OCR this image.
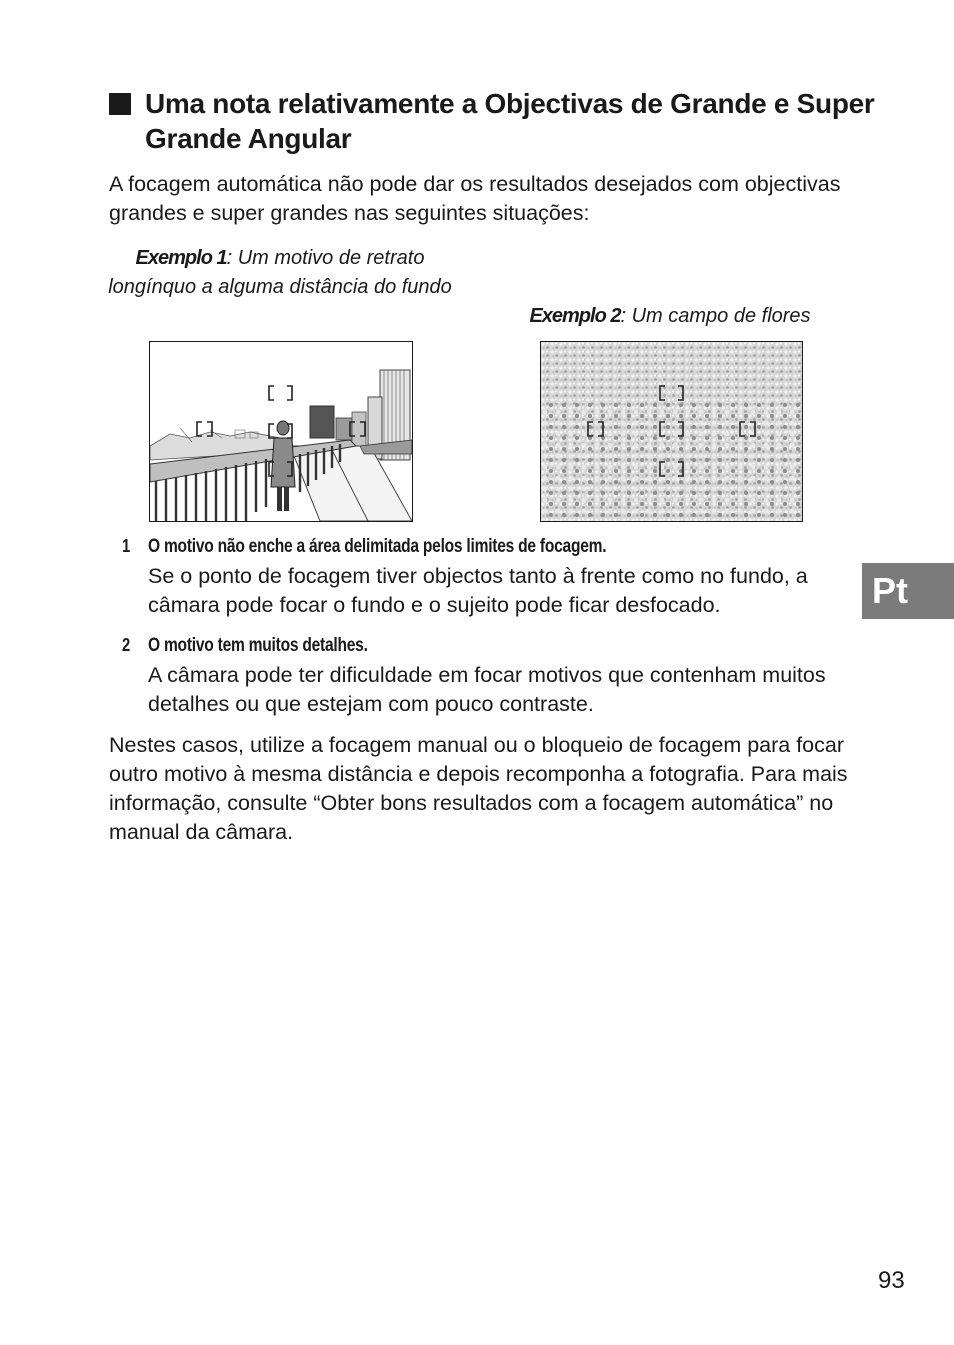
Uma nota relativamente a Objectivas de Grande e Super Grande Angular

A focagem automática não pode dar os resultados desejados com objectivas grandes e super grandes nas seguintes situações:

Exemplo 1: Um motivo de retrato longínquo a alguma distância do fundo

Exemplo 2: Um campo de flores

1 O motivo não enche a área delimitada pelos limites de focagem.

Se o ponto de focagem tiver objectos tanto à frente como no fundo, a câmara pode focar o fundo e o sujeito pode ficar desfocado.

2 O motivo tem muitos detalhes.

A câmara pode ter dificuldade em focar motivos que contenham muitos detalhes ou que estejam com pouco contraste.

Nestes casos, utilize a focagem manual ou o bloqueio de focagem para focar outro motivo à mesma distância e depois recomponha a fotografia. Para mais informação, consulte “Obter bons resultados com a focagem automática” no manual da câmara.

Pt
93
